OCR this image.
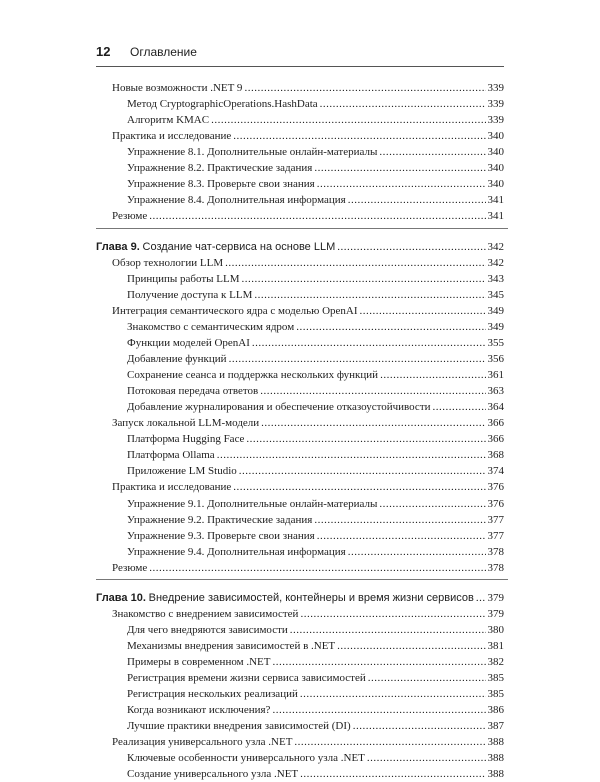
12 Оглавление
Новые возможности .NET 9 .....	339
Метод CryptographicOperations.HashData .....	339
Алгоритм KMAC .....	339
Практика и исследование .....	340
Упражнение 8.1. Дополнительные онлайн-материалы .....	340
Упражнение 8.2. Практические задания .....	340
Упражнение 8.3. Проверьте свои знания .....	340
Упражнение 8.4. Дополнительная информация .....	341
Резюме .....	341
Глава 9. Создание чат-сервиса на основе LLM .....	342
Обзор технологии LLM .....	342
Принципы работы LLM .....	343
Получение доступа к LLM .....	345
Интеграция семантического ядра с моделью OpenAI .....	349
Знакомство с семантическим ядром .....	349
Функции моделей OpenAI .....	355
Добавление функций .....	356
Сохранение сеанса и поддержка нескольких функций .....	361
Потоковая передача ответов .....	363
Добавление журналирования и обеспечение отказоустойчивости .....	364
Запуск локальной LLM-модели .....	366
Платформа Hugging Face .....	366
Платформа Ollama .....	368
Приложение LM Studio .....	374
Практика и исследование .....	376
Упражнение 9.1. Дополнительные онлайн-материалы .....	376
Упражнение 9.2. Практические задания .....	377
Упражнение 9.3. Проверьте свои знания .....	377
Упражнение 9.4. Дополнительная информация .....	378
Резюме .....	378
Глава 10. Внедрение зависимостей, контейнеры и время жизни сервисов ..... 379
Знакомство с внедрением зависимостей .....	379
Для чего внедряются зависимости .....	380
Механизмы внедрения зависимостей в .NET .....	381
Примеры в современном .NET .....	382
Регистрация времени жизни сервиса зависимостей .....	385
Регистрация нескольких реализаций .....	385
Когда возникают исключения? .....	386
Лучшие практики внедрения зависимостей (DI) .....	387
Реализация универсального узла .NET .....	388
Ключевые особенности универсального узла .NET .....	388
Создание универсального узла .NET .....	388
